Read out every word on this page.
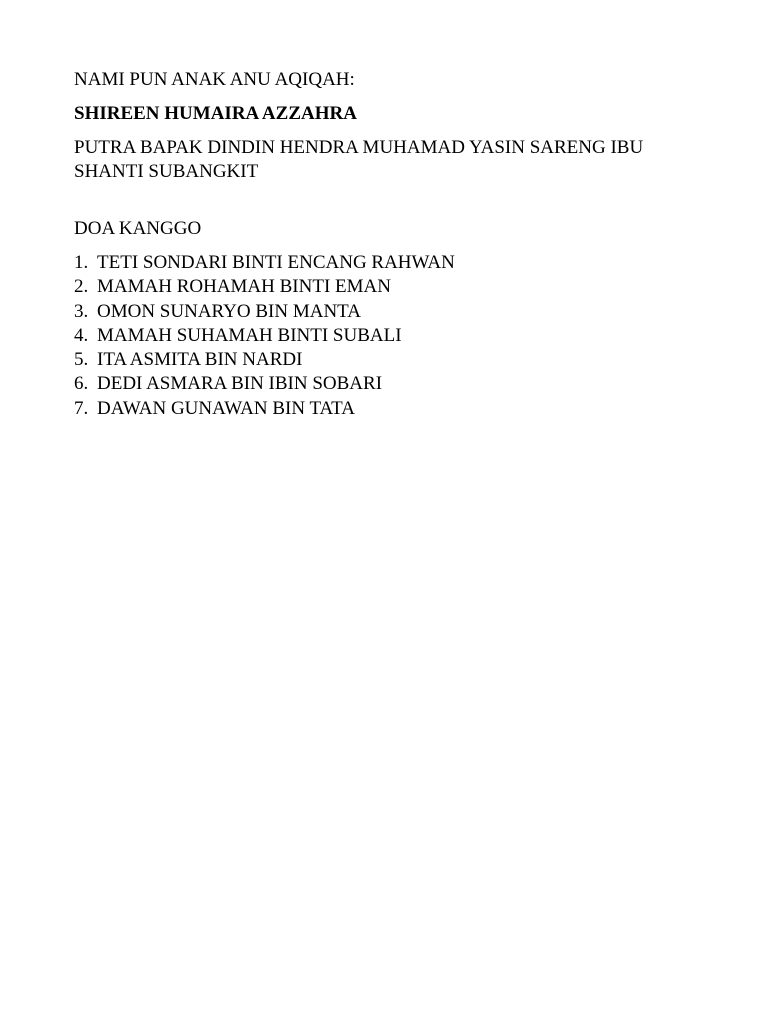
NAMI PUN ANAK ANU AQIQAH:

SHIREEN HUMAIRA AZZAHRA

PUTRA BAPAK DINDIN HENDRA MUHAMAD YASIN SARENG IBU
SHANTI SUBANGKIT

DOA KANGGO

1. TETI SONDARI BINTI ENCANG RAHWAN
2. MAMAH ROHAMAH BINTI EMAN
3. OMON SUNARYO BIN MANTA
4. MAMAH SUHAMAH BINTI SUBALI
5. ITA ASMITA BIN NARDI
6. DEDI ASMARA BIN IBIN SOBARI
7. DAWAN GUNAWAN BIN TATA
